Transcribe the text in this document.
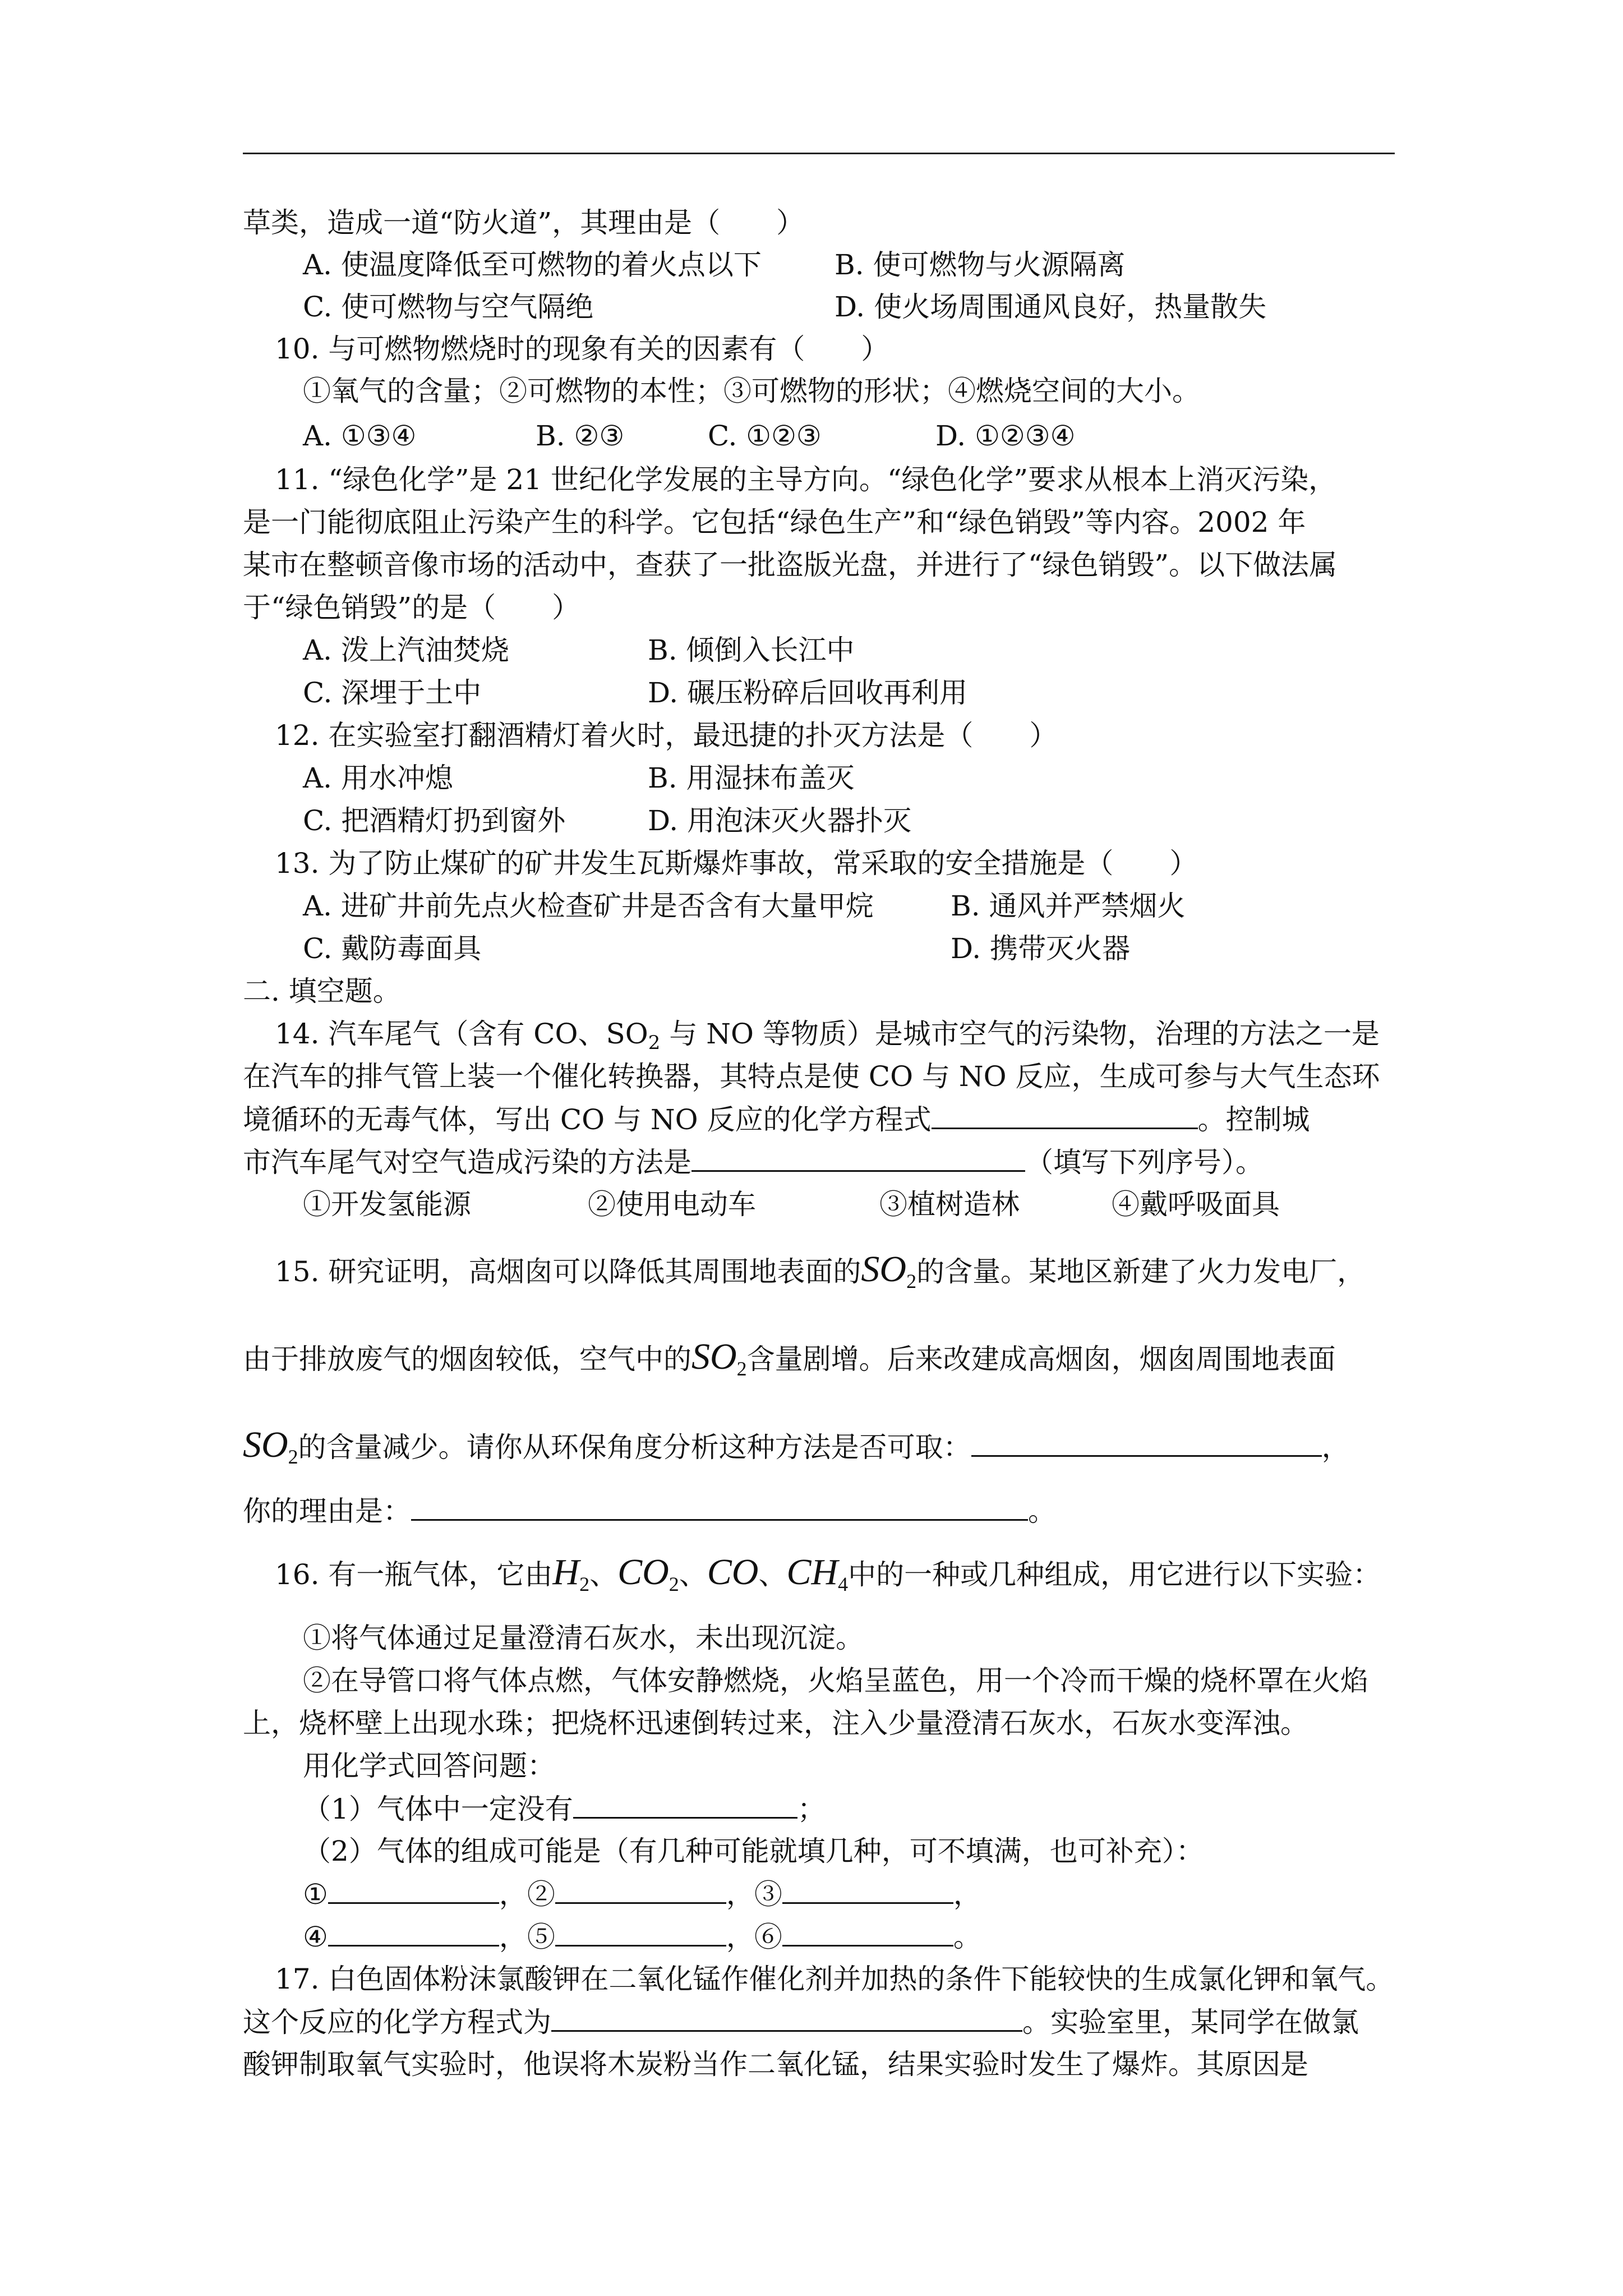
草类，造成一道“防火道”，其理由是（　　）
A. 使温度降低至可燃物的着火点以下	B. 使可燃物与火源隔离
C. 使可燃物与空气隔绝	D. 使火场周围通风良好，热量散失
10. 与可燃物燃烧时的现象有关的因素有（　　）
①氧气的含量；②可燃物的本性；③可燃物的形状；④燃烧空间的大小。
A. ①③④	B. ②③	C. ①②③	D. ①②③④
11. “绿色化学”是 21 世纪化学发展的主导方向。“绿色化学”要求从根本上消灭污染，
是一门能彻底阻止污染产生的科学。它包括“绿色生产”和“绿色销毁”等内容。2002 年
某市在整顿音像市场的活动中，查获了一批盗版光盘，并进行了“绿色销毁”。以下做法属
于“绿色销毁”的是（　　）
A. 泼上汽油焚烧	B. 倾倒入长江中
C. 深埋于土中	D. 碾压粉碎后回收再利用
12. 在实验室打翻酒精灯着火时，最迅捷的扑灭方法是（　　）
A. 用水冲熄	B. 用湿抹布盖灭
C. 把酒精灯扔到窗外	D. 用泡沫灭火器扑灭
13. 为了防止煤矿的矿井发生瓦斯爆炸事故，常采取的安全措施是（　　）
A. 进矿井前先点火检查矿井是否含有大量甲烷	B. 通风并严禁烟火
C. 戴防毒面具	D. 携带灭火器
二. 填空题。
14. 汽车尾气（含有 CO、$SO_2$ 与 NO 等物质）是城市空气的污染物，治理的方法之一是
在汽车的排气管上装一个催化转换器，其特点是使 CO 与 NO 反应，生成可参与大气生态环
境循环的无毒气体，写出 CO 与 NO 反应的化学方程式	。控制城
市汽车尾气对空气造成污染的方法是	（填写下列序号）。
①开发氢能源	②使用电动车	③植树造林	④戴呼吸面具
15. 研究证明，高烟囱可以降低其周围地表面的$SO_2$的含量。某地区新建了火力发电厂，
由于排放废气的烟囱较低，空气中的$SO_2$含量剧增。后来改建成高烟囱，烟囱周围地表面
$SO_2$的含量减少。请你从环保角度分析这种方法是否可取：	，
你的理由是：	。
16. 有一瓶气体，它由$H_2$、$CO_2$、CO、$CH_4$中的一种或几种组成，用它进行以下实验：
①将气体通过足量澄清石灰水，未出现沉淀。
②在导管口将气体点燃，气体安静燃烧，火焰呈蓝色，用一个冷而干燥的烧杯罩在火焰
上，烧杯壁上出现水珠；把烧杯迅速倒转过来，注入少量澄清石灰水，石灰水变浑浊。
用化学式回答问题：
（1）气体中一定没有	；
（2）气体的组成可能是（有几种可能就填几种，可不填满，也可补充）：
①	，②	，③	，
④	，⑤	，⑥	。
17. 白色固体粉沫氯酸钾在二氧化锰作催化剂并加热的条件下能较快的生成氯化钾和氧气。
这个反应的化学方程式为	。实验室里，某同学在做氯
酸钾制取氧气实验时，他误将木炭粉当作二氧化锰，结果实验时发生了爆炸。其原因是
